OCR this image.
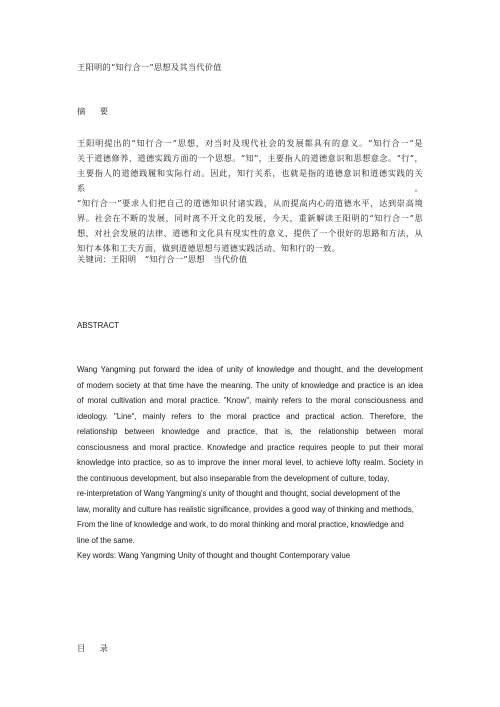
王阳明的“知行合一”思想及其当代价值
摘 要
王阳明提出的“知行合一”思想，对当时及现代社会的发展都具有的意义。“知行合一”是
关于道德修养、道德实践方面的一个思想。“知”，主要指人的道德意识和思想意念。“行”，
主要指人的道德践履和实际行动。因此，知行关系，也就是指的道德意识和道德实践的关系。
“知行合一”要求人们把自己的道德知识付诸实践，从而提高内心的道德水平，达到崇高境
界。社会在不断的发展，同时离不开文化的发展，今天，重新解读王阳明的“知行合一”思
想，对社会发展的法律、道德和文化具有现实性的意义，提供了一个很好的思路和方法，从
知行本体和工夫方面，做到道德思想与道德实践活动、知和行的一致。
关键词：王阳明　“知行合一”思想　当代价值
ABSTRACT
Wang Yangming put forward the idea of unity of knowledge and thought, and the development
of modern society at that time have the meaning. The unity of knowledge and practice is an idea
of moral cultivation and moral practice. "Know", mainly refers to the moral consciousness and
ideology. "Line", mainly refers to the moral practice and practical action. Therefore, the
relationship between knowledge and practice, that is, the relationship between moral
consciousness and moral practice. Knowledge and practice requires people to put their moral
knowledge into practice, so as to improve the inner moral level, to achieve lofty realm. Society in
the continuous development, but also inseparable from the development of culture, today,
re-interpretation of Wang Yangming's unity of thought and thought, social development of the
law, morality and culture has realistic significance, provides a good way of thinking and methods,
From the line of knowledge and work, to do moral thinking and moral practice, knowledge and
line of the same.
Key words: Wang Yangming Unity of thought and thought Contemporary value
目 录
